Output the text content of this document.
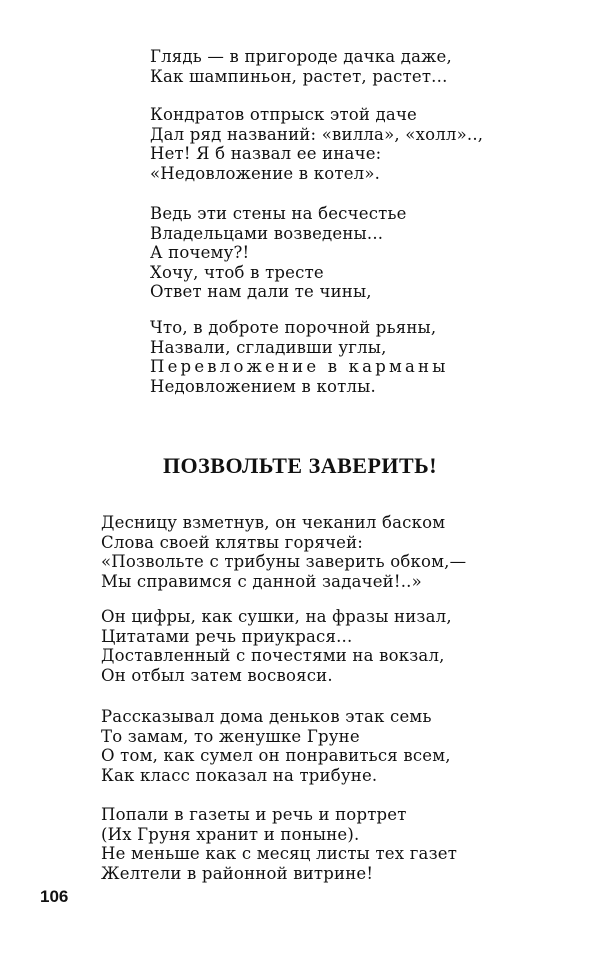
Глядь — в пригороде дачка даже,
Как шампиньон, растет, растет...
Кондратов отпрыск этой даче
Дал ряд названий: «вилла», «холл»..,
Нет! Я б назвал ее иначе:
«Недовложение в котел».
Ведь эти стены на бесчестье
Владельцами возведены...
А почему?!
Хочу, чтоб в тресте
Ответ нам дали те чины,
Что, в доброте порочной рьяны,
Назвали, сгладивши углы,
Перевложение в карманы
Недовложением в котлы.
ПОЗВОЛЬТЕ ЗАВЕРИТЬ!
Десницу взметнув, он чеканил баском
Слова своей клятвы горячей:
«Позвольте с трибуны заверить обком,—
Мы справимся с данной задачей!..»
Он цифры, как сушки, на фразы низал,
Цитатами речь приукрася...
Доставленный с почестями на вокзал,
Он отбыл затем восвояси.
Рассказывал дома деньков этак семь
То замам, то женушке Груне
О том, как сумел он понравиться всем,
Как класс показал на трибуне.
Попали в газеты и речь и портрет
(Их Груня хранит и поныне).
Не меньше как с месяц листы тех газет
Желтели в районной витрине!
106
